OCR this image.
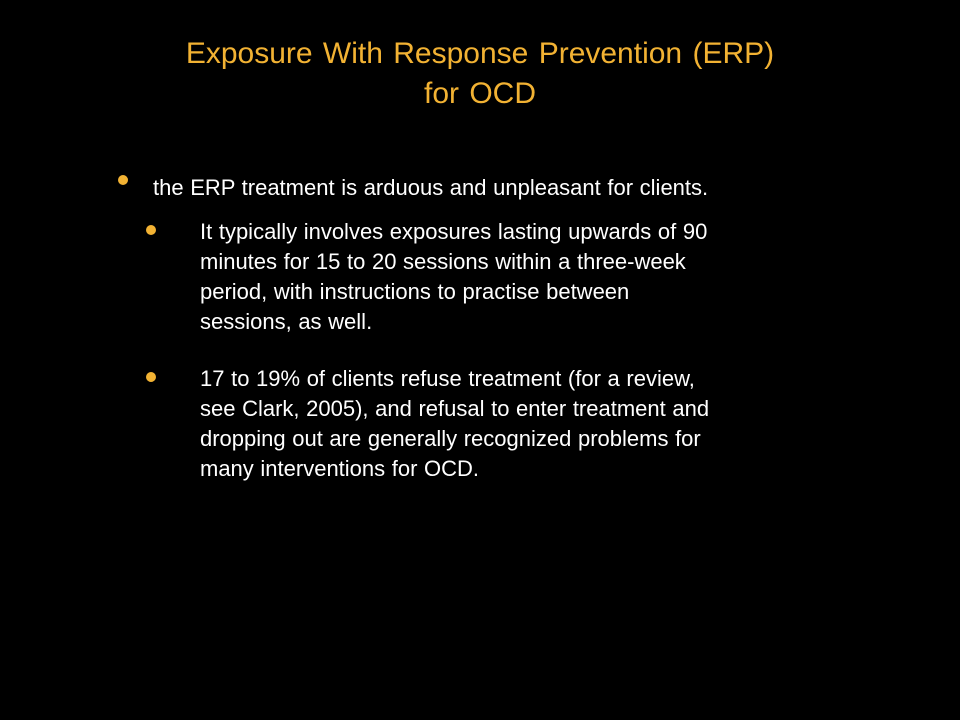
Exposure With Response Prevention (ERP)
for OCD
the ERP treatment is arduous and unpleasant for clients.
It typically involves exposures lasting upwards of 90
minutes for 15 to 20 sessions within a three-week
period, with instructions to practise between
sessions, as well.
17 to 19% of clients refuse treatment (for a review,
see Clark, 2005), and refusal to enter treatment and
dropping out are generally recognized problems for
many interventions for OCD.
